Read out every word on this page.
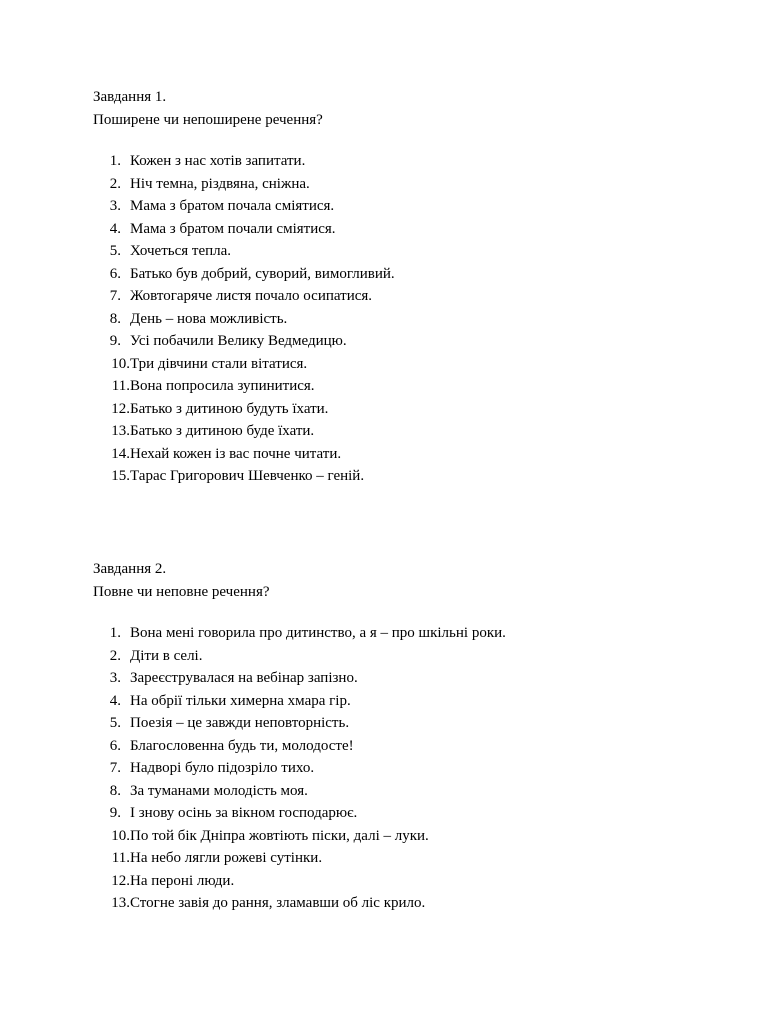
Завдання 1.

Поширене чи непоширене речення?

1. Кожен з нас хотів запитати.
2. Ніч темна, різдвяна, сніжна.
3. Мама з братом почала сміятися.
4. Мама з братом почали сміятися.
5. Хочеться тепла.
6. Батько був добрий, суворий, вимогливий.
7. Жовтогаряче листя почало осипатися.
8. День – нова можливість.
9. Усі побачили Велику Ведмедицю.
10. Три дівчини стали вітатися.
11. Вона попросила зупинитися.
12. Батько з дитиною будуть їхати.
13. Батько з дитиною буде їхати.
14. Нехай кожен із вас почне читати.
15. Тарас Григорович Шевченко – геній.

Завдання 2.

Повне чи неповне речення?

1. Вона мені говорила про дитинство, а я – про шкільні роки.
2. Діти в селі.
3. Зареєструвалася на вебінар запізно.
4. На обрії тільки химерна хмара гір.
5. Поезія – це завжди неповторність.
6. Благословенна будь ти, молодосте!
7. Надворі було підозріло тихо.
8. За туманами молодість моя.
9. І знову осінь за вікном господарює.
10. По той бік Дніпра жовтіють піски, далі – луки.
11. На небо лягли рожеві сутінки.
12. На пероні люди.
13. Стогне завія до рання, зламавши об ліс крило.
